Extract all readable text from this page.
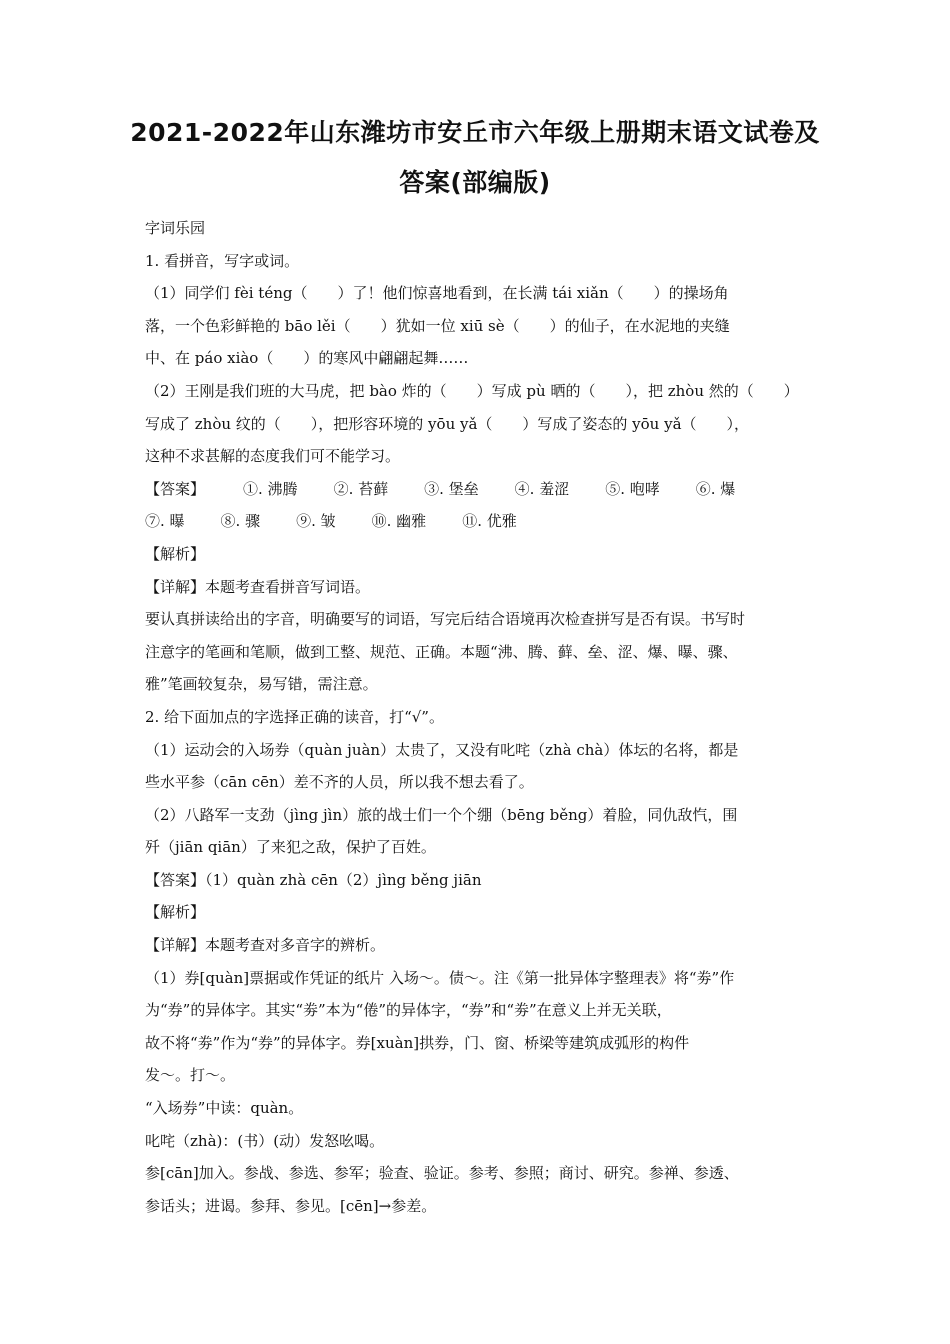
2021-2022年山东潍坊市安丘市六年级上册期末语文试卷及
答案(部编版)

字词乐园

1. 看拼音，写字或词。

（1）同学们 fèi téng（　　）了！他们惊喜地看到，在长满 tái xiǎn（　　）的操场角

落，一个色彩鲜艳的 bāo lěi（　　）犹如一位 xiū sè（　　）的仙子，在水泥地的夹缝

中、在 páo xiào（　　）的寒风中翩翩起舞……

（2）王刚是我们班的大马虎，把 bào 炸的（　　）写成 pù 晒的（　　），把 zhòu 然的（　　）

写成了 zhòu 纹的（　　），把形容环境的 yōu yǎ（　　）写成了姿态的 yōu yǎ（　　），

这种不求甚解的态度我们可不能学习。

【答案】	①. 沸腾 ②. 苔藓 ③. 堡垒 ④. 羞涩 ⑤. 咆哮 ⑥. 爆

⑦. 曝 ⑧. 骤 ⑨. 皱 ⑩. 幽雅 ⑪. 优雅

【解析】

【详解】本题考查看拼音写词语。

要认真拼读给出的字音，明确要写的词语，写完后结合语境再次检查拼写是否有误。书写时

注意字的笔画和笔顺，做到工整、规范、正确。本题“沸、腾、藓、垒、涩、爆、曝、骤、

雅”笔画较复杂，易写错，需注意。

2. 给下面加点的字选择正确的读音，打“√”。

（1）运动会的入场券（quàn juàn）太贵了，又没有叱咤（zhà chà）体坛的名将，都是

些水平参（cān cēn）差不齐的人员，所以我不想去看了。

（2）八路军一支劲（jìng jìn）旅的战士们一个个绷（bēng běng）着脸，同仇敌忾，围

歼（jiān qiān）了来犯之敌，保护了百姓。

【答案】（1）quàn zhà cēn（2）jìng běng jiān

【解析】

【详解】本题考查对多音字的辨析。

（1）券[quàn]票据或作凭证的纸片 入场～。债～。注《第一批异体字整理表》将“劵”作

为“券”的异体字。其实“劵”本为“倦”的异体字，“券”和“劵”在意义上并无关联，

故不将“劵”作为“券”的异体字。券[xuàn]拱券，门、窗、桥梁等建筑成弧形的构件

发～。打～。

“入场券”中读：quàn。

叱咤（zhà)：(书）(动）发怒吆喝。

参[cān]加入。参战、参选、参军；验查、验证。参考、参照；商讨、研究。参禅、参透、

参话头；进谒。参拜、参见。[cēn]→参差。
